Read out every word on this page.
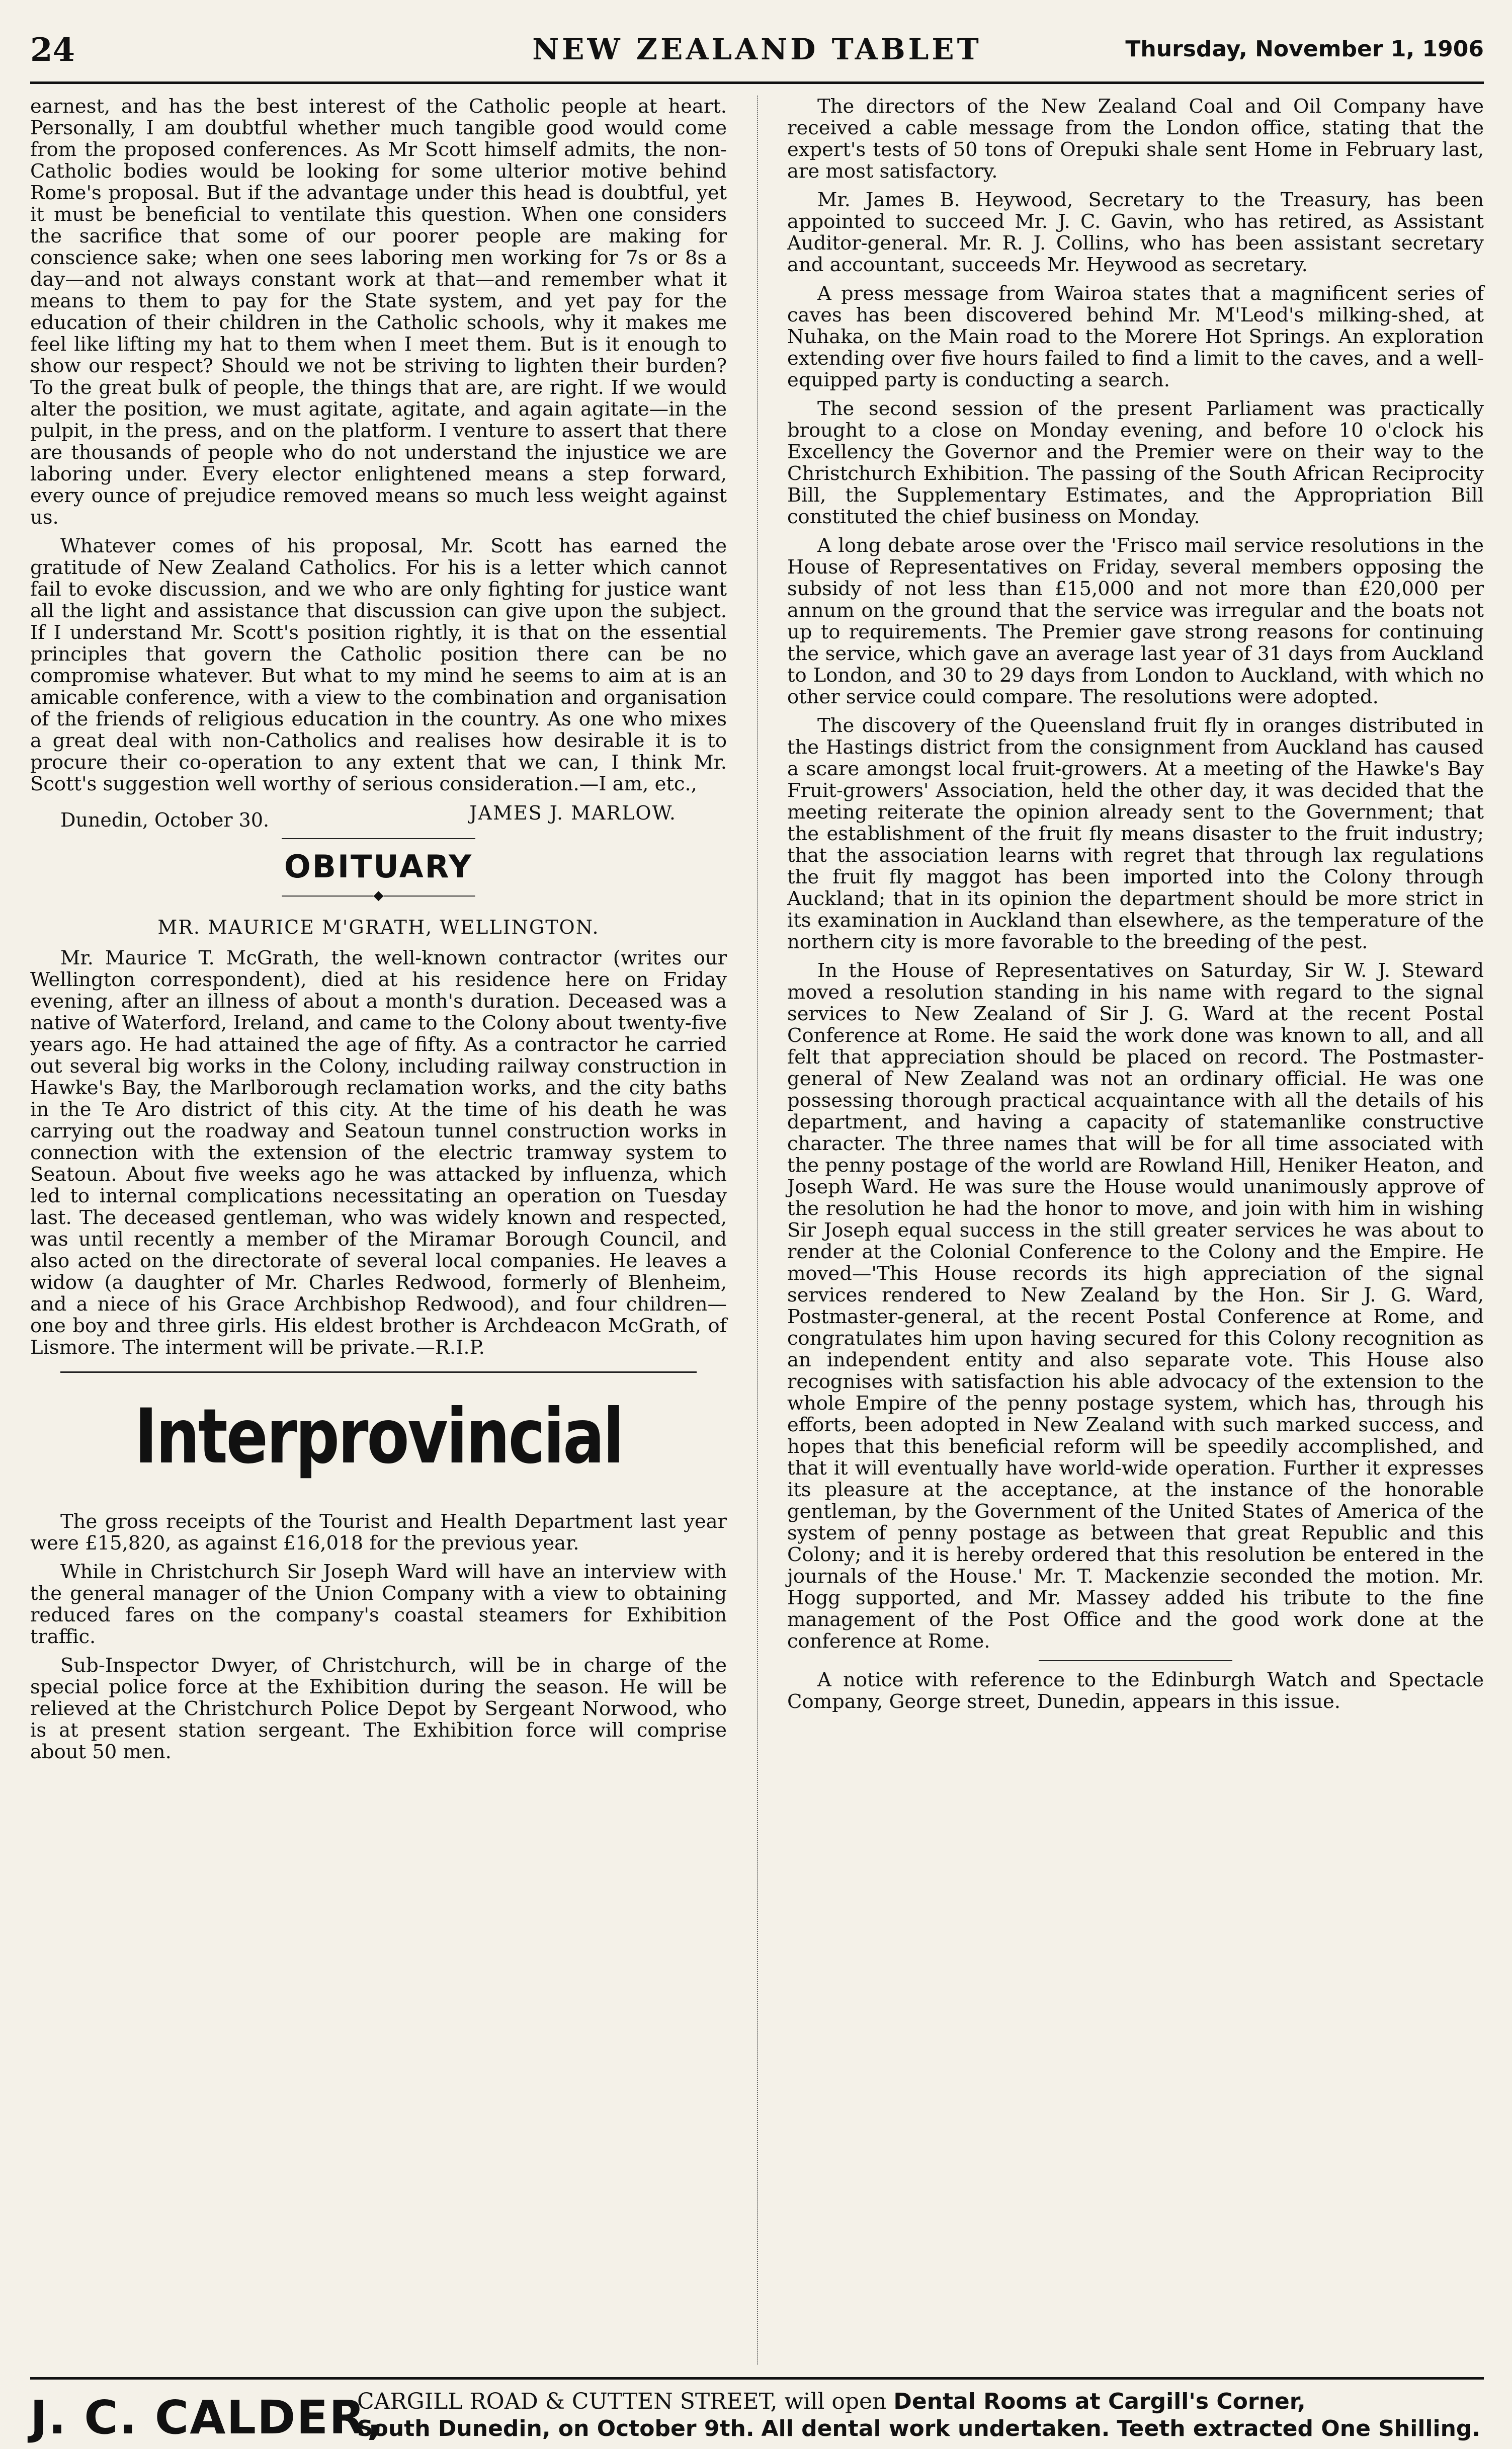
24	NEW ZEALAND TABLET	Thursday, November 1, 1906

earnest, and has the best interest of the Catholic people at heart. Personally, I am doubtful whether much tangible good would come from the proposed conferences. As Mr Scott himself admits, the non-Catholic bodies would be looking for some ulterior motive behind Rome's proposal. But if the advantage under this head is doubtful, yet it must be beneficial to ventilate this question. When one considers the sacrifice that some of our poorer people are making for conscience sake; when one sees laboring men working for 7s or 8s a day—and not always constant work at that—and remember what it means to them to pay for the State system, and yet pay for the education of their children in the Catholic schools, why it makes me feel like lifting my hat to them when I meet them. But is it enough to show our respect? Should we not be striving to lighten their burden? To the great bulk of people, the things that are, are right. If we would alter the position, we must agitate, agitate, and again agitate—in the pulpit, in the press, and on the platform. I venture to assert that there are thousands of people who do not understand the injustice we are laboring under. Every elector enlightened means a step forward, every ounce of prejudice removed means so much less weight against us.

Whatever comes of his proposal, Mr. Scott has earned the gratitude of New Zealand Catholics. For his is a letter which cannot fail to evoke discussion, and we who are only fighting for justice want all the light and assistance that discussion can give upon the subject. If I understand Mr. Scott's position rightly, it is that on the essential principles that govern the Catholic position there can be no compromise whatever. But what to my mind he seems to aim at is an amicable conference, with a view to the combination and organisation of the friends of religious education in the country. As one who mixes a great deal with non-Catholics and realises how desirable it is to procure their co-operation to any extent that we can, I think Mr. Scott's suggestion well worthy of serious consideration.—I am, etc.,

Dunedin, October 30.	JAMES J. MARLOW.
OBITUARY
―――――――◆―――――――
MR. MAURICE M'GRATH, WELLINGTON.

Mr. Maurice T. McGrath, the well-known contractor (writes our Wellington correspondent), died at his residence here on Friday evening, after an illness of about a month's duration. Deceased was a native of Waterford, Ireland, and came to the Colony about twenty-five years ago. He had attained the age of fifty. As a contractor he carried out several big works in the Colony, including railway construction in Hawke's Bay, the Marlborough reclamation works, and the city baths in the Te Aro district of this city. At the time of his death he was carrying out the roadway and Seatoun tunnel construction works in connection with the extension of the electric tramway system to Seatoun. About five weeks ago he was attacked by influenza, which led to internal complications necessitating an operation on Tuesday last. The deceased gentleman, who was widely known and respected, was until recently a member of the Miramar Borough Council, and also acted on the directorate of several local companies. He leaves a widow (a daughter of Mr. Charles Redwood, formerly of Blenheim, and a niece of his Grace Archbishop Redwood), and four children—one boy and three girls. His eldest brother is Archdeacon McGrath, of Lismore. The interment will be private.—R.I.P.

Interprovincial

The gross receipts of the Tourist and Health Department last year were £15,820, as against £16,018 for the previous year.

While in Christchurch Sir Joseph Ward will have an interview with the general manager of the Union Company with a view to obtaining reduced fares on the company's coastal steamers for Exhibition traffic.

Sub-Inspector Dwyer, of Christchurch, will be in charge of the special police force at the Exhibition during the season. He will be relieved at the Christchurch Police Depot by Sergeant Norwood, who is at present station sergeant. The Exhibition force will comprise about 50 men.

The directors of the New Zealand Coal and Oil Company have received a cable message from the London office, stating that the expert's tests of 50 tons of Orepuki shale sent Home in February last, are most satisfactory.

Mr. James B. Heywood, Secretary to the Treasury, has been appointed to succeed Mr. J. C. Gavin, who has retired, as Assistant Auditor-general. Mr. R. J. Collins, who has been assistant secretary and accountant, succeeds Mr. Heywood as secretary.

A press message from Wairoa states that a magnificent series of caves has been discovered behind Mr. M'Leod's milking-shed, at Nuhaka, on the Main road to the Morere Hot Springs. An exploration extending over five hours failed to find a limit to the caves, and a well-equipped party is conducting a search.

The second session of the present Parliament was practically brought to a close on Monday evening, and before 10 o'clock his Excellency the Governor and the Premier were on their way to the Christchurch Exhibition. The passing of the South African Reciprocity Bill, the Supplementary Estimates, and the Appropriation Bill constituted the chief business on Monday.

A long debate arose over the 'Frisco mail service resolutions in the House of Representatives on Friday, several members opposing the subsidy of not less than £15,000 and not more than £20,000 per annum on the ground that the service was irregular and the boats not up to requirements. The Premier gave strong reasons for continuing the service, which gave an average last year of 31 days from Auckland to London, and 30 to 29 days from London to Auckland, with which no other service could compare. The resolutions were adopted.

The discovery of the Queensland fruit fly in oranges distributed in the Hastings district from the consignment from Auckland has caused a scare amongst local fruit-growers. At a meeting of the Hawke's Bay Fruit-growers' Association, held the other day, it was decided that the meeting reiterate the opinion already sent to the Government; that the establishment of the fruit fly means disaster to the fruit industry; that the association learns with regret that through lax regulations the fruit fly maggot has been imported into the Colony through Auckland; that in its opinion the department should be more strict in its examination in Auckland than elsewhere, as the temperature of the northern city is more favorable to the breeding of the pest.

In the House of Representatives on Saturday, Sir W. J. Steward moved a resolution standing in his name with regard to the signal services to New Zealand of Sir J. G. Ward at the recent Postal Conference at Rome. He said the work done was known to all, and all felt that appreciation should be placed on record. The Postmaster-general of New Zealand was not an ordinary official. He was one possessing thorough practical acquaintance with all the details of his department, and having a capacity of statemanlike constructive character. The three names that will be for all time associated with the penny postage of the world are Rowland Hill, Heniker Heaton, and Joseph Ward. He was sure the House would unanimously approve of the resolution he had the honor to move, and join with him in wishing Sir Joseph equal success in the still greater services he was about to render at the Colonial Conference to the Colony and the Empire. He moved—'This House records its high appreciation of the signal services rendered to New Zealand by the Hon. Sir J. G. Ward, Postmaster-general, at the recent Postal Conference at Rome, and congratulates him upon having secured for this Colony recognition as an independent entity and also separate vote. This House also recognises with satisfaction his able advocacy of the extension to the whole Empire of the penny postage system, which has, through his efforts, been adopted in New Zealand with such marked success, and hopes that this beneficial reform will be speedily accomplished, and that it will eventually have world-wide operation. Further it expresses its pleasure at the acceptance, at the instance of the honorable gentleman, by the Government of the United States of America of the system of penny postage as between that great Republic and this Colony; and it is hereby ordered that this resolution be entered in the journals of the House.' Mr. T. Mackenzie seconded the motion. Mr. Hogg supported, and Mr. Massey added his tribute to the fine management of the Post Office and the good work done at the conference at Rome.

A notice with reference to the Edinburgh Watch and Spectacle Company, George street, Dunedin, appears in this issue.

J. C. CALDER,
CARGILL ROAD & CUTTEN STREET, will open Dental Rooms at Cargill's Corner,
South Dunedin, on October 9th. All dental work undertaken. Teeth extracted One Shilling.
